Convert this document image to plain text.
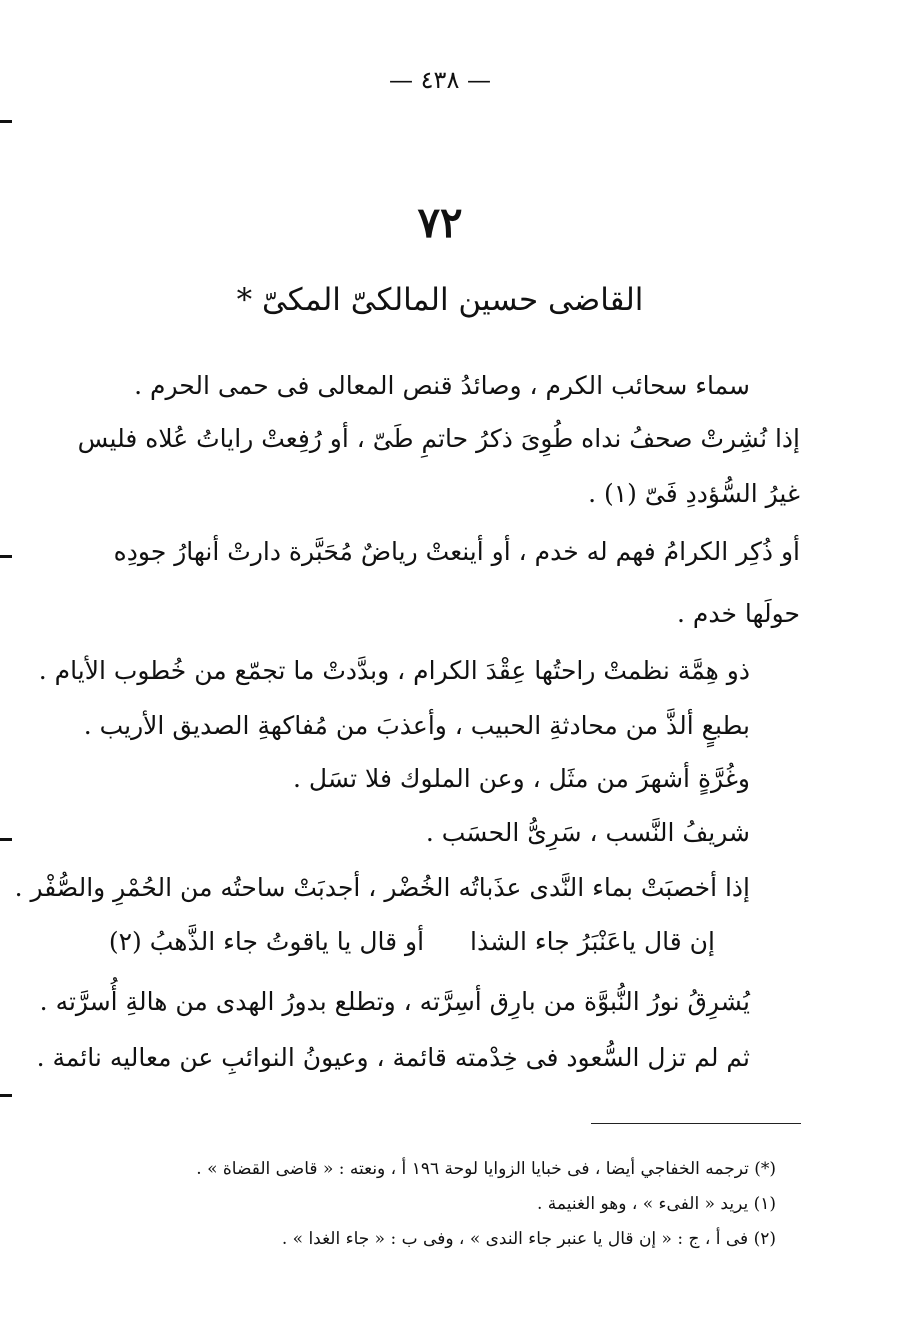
— ٤٣٨ —
٧٢
القاضى حسين المالكىّ المكىّ *
سماء سحائب الكرم ، وصائدُ قنص المعالى فى حمى الحرم .
إذا نُشِرتْ صحفُ نداه طُوِىَ ذكرُ حاتمِ طَىّ ، أو رُفِعتْ راياتُ عُلاه فليس
غيرُ السُّؤددِ فَىّ (١) .
أو ذُكِر الكرامُ فهم له خدم ، أو أينعتْ رياضٌ مُحَبَّرة دارتْ أنهارُ جودِه
حولَها خدم .
ذو هِمَّة نظمتْ راحتُها عِقْدَ الكرام ، وبدَّدتْ ما تجمّع من خُطوب الأيام .
بطبعٍ ألذَّ من محادثةِ الحبيب ، وأعذبَ من مُفاكهةِ الصديق الأريب .
وغُرَّةٍ أشهرَ من مثَل ، وعن الملوك فلا تسَل .
شريفُ النَّسب ، سَرِىُّ الحسَب .
إذا أخصبَتْ بماء النَّدى عذَباتُه الخُضْر ، أجدبَتْ ساحتُه من الحُمْرِ والصُّفْر .
إن قال ياعَنْبَرُ جاء الشذاأو قال يا ياقوتُ جاء الذَّهبُ (٢)
يُشرِقُ نورُ النُّبوَّة من بارِق أسِرَّته ، وتطلع بدورُ الهدى من هالةِ أُسرَّته .
ثم لم تزل السُّعود فى خِدْمته قائمة ، وعيونُ النوائبِ عن معاليه نائمة .
(*) ترجمه الخفاجي أيضا ، فى خبايا الزوايا لوحة ١٩٦ أ ، ونعته : « قاضى القضاة » .
(١) يريد « الفىء » ، وهو الغنيمة .
(٢) فى أ ، ج : « إن قال يا عنبر جاء الندى » ، وفى ب : « جاء الغدا » .
